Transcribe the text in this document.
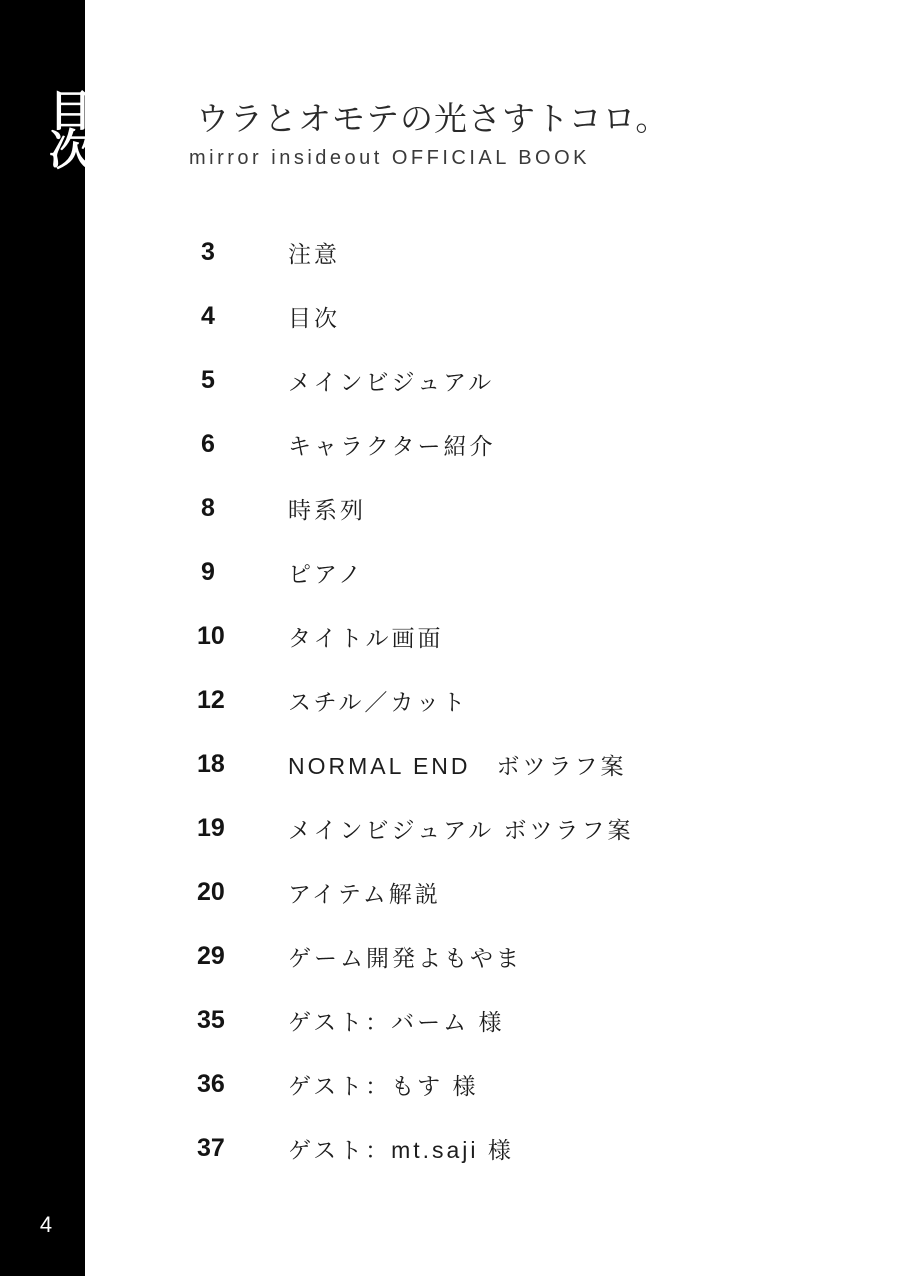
目次
4
ウラとオモテの光さすトコロ。
mirror insideout OFFICIAL BOOK
3	注意
4	目次
5	メインビジュアル
6	キャラクター紹介
8	時系列
9	ピアノ
10	タイトル画面
12	スチル／カット
18	NORMAL END　ボツラフ案
19	メインビジュアル ボツラフ案
20	アイテム解説
29	ゲーム開発よもやま
35	ゲスト：バーム 様
36	ゲスト：もす 様
37	ゲスト：mt.saji 様
